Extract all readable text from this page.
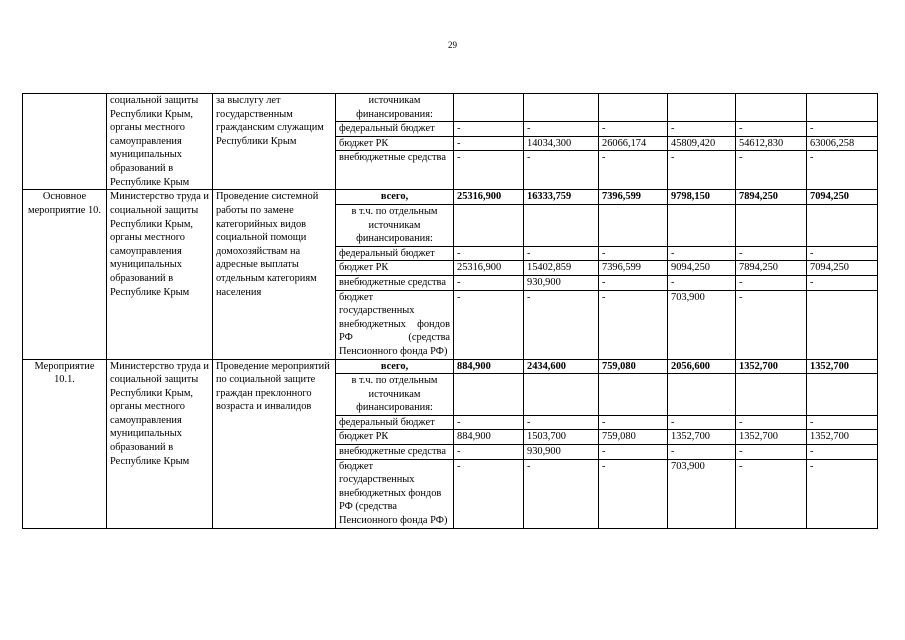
29
	социальной защиты Республики Крым, органы местного самоуправления муниципальных образований в Республике Крым	за выслугу лет государственным гражданским служащим Республики Крым	источникам финансирования:						
			федеральный бюджет	-	-	-	-	-	-
			бюджет РК	-	14034,300	26066,174	45809,420	54612,830	63006,258
			внебюджетные средства	-	-	-	-	-	-
Основное мероприятие 10.	Министерство труда и социальной защиты Республики Крым, органы местного самоуправления муниципальных образований в Республике Крым	Проведение системной работы по замене категорийных видов социальной помощи домохозяйствам на адресные выплаты отдельным категориям населения	всего,	25316,900	16333,759	7396,599	9798,150	7894,250	7094,250
			в т.ч. по отдельным источникам финансирования:						
			федеральный бюджет	-	-	-	-	-	-
			бюджет РК	25316,900	15402,859	7396,599	9094,250	7894,250	7094,250
			внебюджетные средства	-	930,900	-	-	-	-
			бюджет государственных внебюджетных фондов РФ (средства Пенсионного фонда РФ)	-	-	-	703,900	-	
Мероприятие 10.1.	Министерство труда и социальной защиты Республики Крым, органы местного самоуправления муниципальных образований в Республике Крым	Проведение мероприятий по социальной защите граждан преклонного возраста и инвалидов	всего,	884,900	2434,600	759,080	2056,600	1352,700	1352,700
			в т.ч. по отдельным источникам финансирования:						
			федеральный бюджет	-	-	-	-	-	-
			бюджет РК	884,900	1503,700	759,080	1352,700	1352,700	1352,700
			внебюджетные средства	-	930,900	-	-	-	-
			бюджет государственных внебюджетных фондов РФ (средства Пенсионного фонда РФ)	-	-	-	703,900	-	-
